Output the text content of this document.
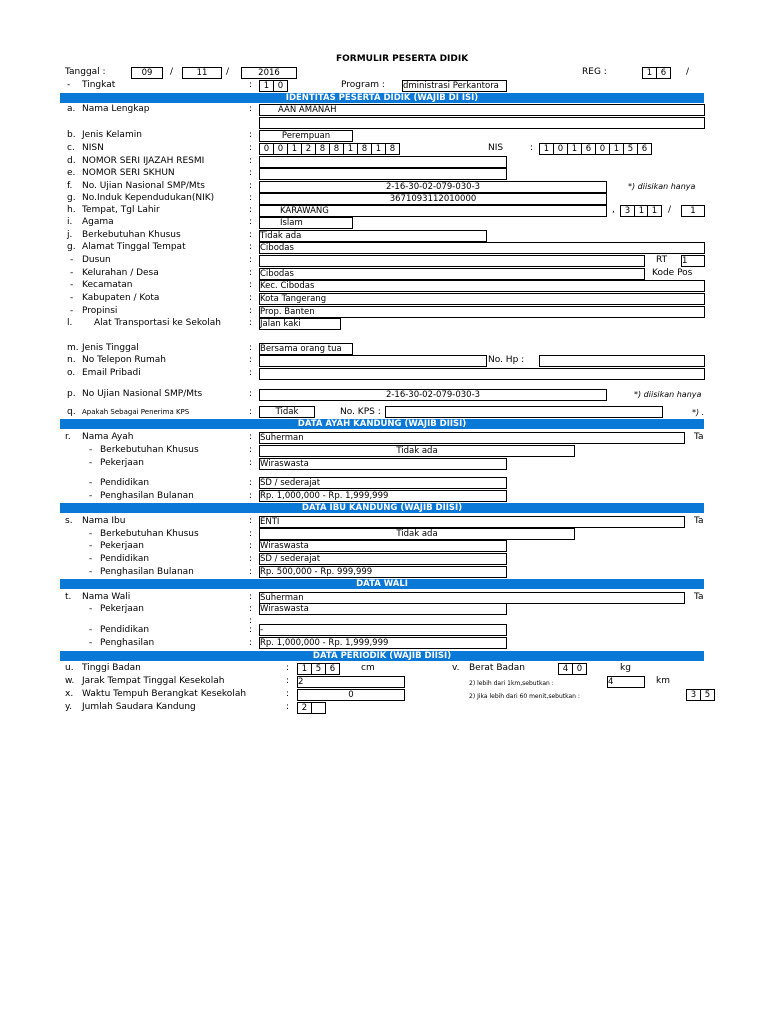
FORMULIR PESERTA DIDIK
Tanggal :	09	/	11	/	2016	REG :	1	6	/
- Tingkat	:	1	0	Program : dministrasi Perkantora
IDENTITAS PESERTA DIDIK (WAJIB DI ISI)
a. Nama Lengkap	:	AAN AMANAH
b. Jenis Kelamin	:	Perempuan
c. NISN	:	0	0	1	2	8	8	1	8	1	8	NIS	:	1	0	1	6	0	1	5	6
d. NOMOR SERI IJAZAH RESMI	:
e. NOMOR SERI SKHUN	:
f. No. Ujian Nasional SMP/Mts	:	2-16-30-02-079-030-3	*) diisikan hanya
g. No.Induk Kependudukan(NIK)	:	3671093112010000
h. Tempat, Tgl Lahir	:	KARAWANG	,	3	1 1	/	1
i. Agama	:	Islam
j. Berkebutuhan Khusus	: Tidak ada
g. Alamat Tinggal Tempat	: Cibodas
- Dusun	:	RT 1
- Kelurahan / Desa	: Cibodas	Kode Pos
- Kecamatan	: Kec. Cibodas
- Kabupaten / Kota	: Kota Tangerang
- Propinsi	: Prop. Banten
l. Alat Transportasi ke Sekolah	: Jalan kaki
m. Jenis Tinggal	: Bersama orang tua
n. No Telepon Rumah	:	No. Hp :
o. Email Pribadi	:
p. No Ujian Nasional SMP/Mts	:	2-16-30-02-079-030-3	*) diisikan hanya
q. Apakah Sebagai Penerima KPS	:	Tidak	No. KPS :	*) .
DATA AYAH KANDUNG (WAJIB DIISI)
r. Nama Ayah	: Suherman	Ta
- Berkebutuhan Khusus	:	Tidak ada
- Pekerjaan	: Wiraswasta
- Pendidikan	: SD / sederajat
- Penghasilan Bulanan	: Rp. 1,000,000 - Rp. 1,999,999
DATA IBU KANDUNG (WAJIB DIISI)
s. Nama Ibu	: ENTI	Ta
- Berkebutuhan Khusus	:	Tidak ada
- Pekerjaan	: Wiraswasta
- Pendidikan	: SD / sederajat
- Penghasilan Bulanan	: Rp. 500,000 - Rp. 999,999
DATA WALI
t. Nama Wali	: Suherman	Ta
- Pekerjaan	: Wiraswasta
:
- Pendidikan	: -
- Penghasilan	: Rp. 1,000,000 - Rp. 1,999,999
DATA PERIODIK (WAJIB DIISI)
u. Tinggi Badan	:	1	5	6	cm	v. Berat Badan	4	0	kg
w. Jarak Tempat Tinggal Kesekolah	: 2	2) lebih dari 1km,sebutkan :	4	km
x. Waktu Tempuh Berangkat Kesekolah	:	0	2) Jika lebih dari 60 menit,sebutkan :	3	5
y. Jumlah Saudara Kandung	:	2
